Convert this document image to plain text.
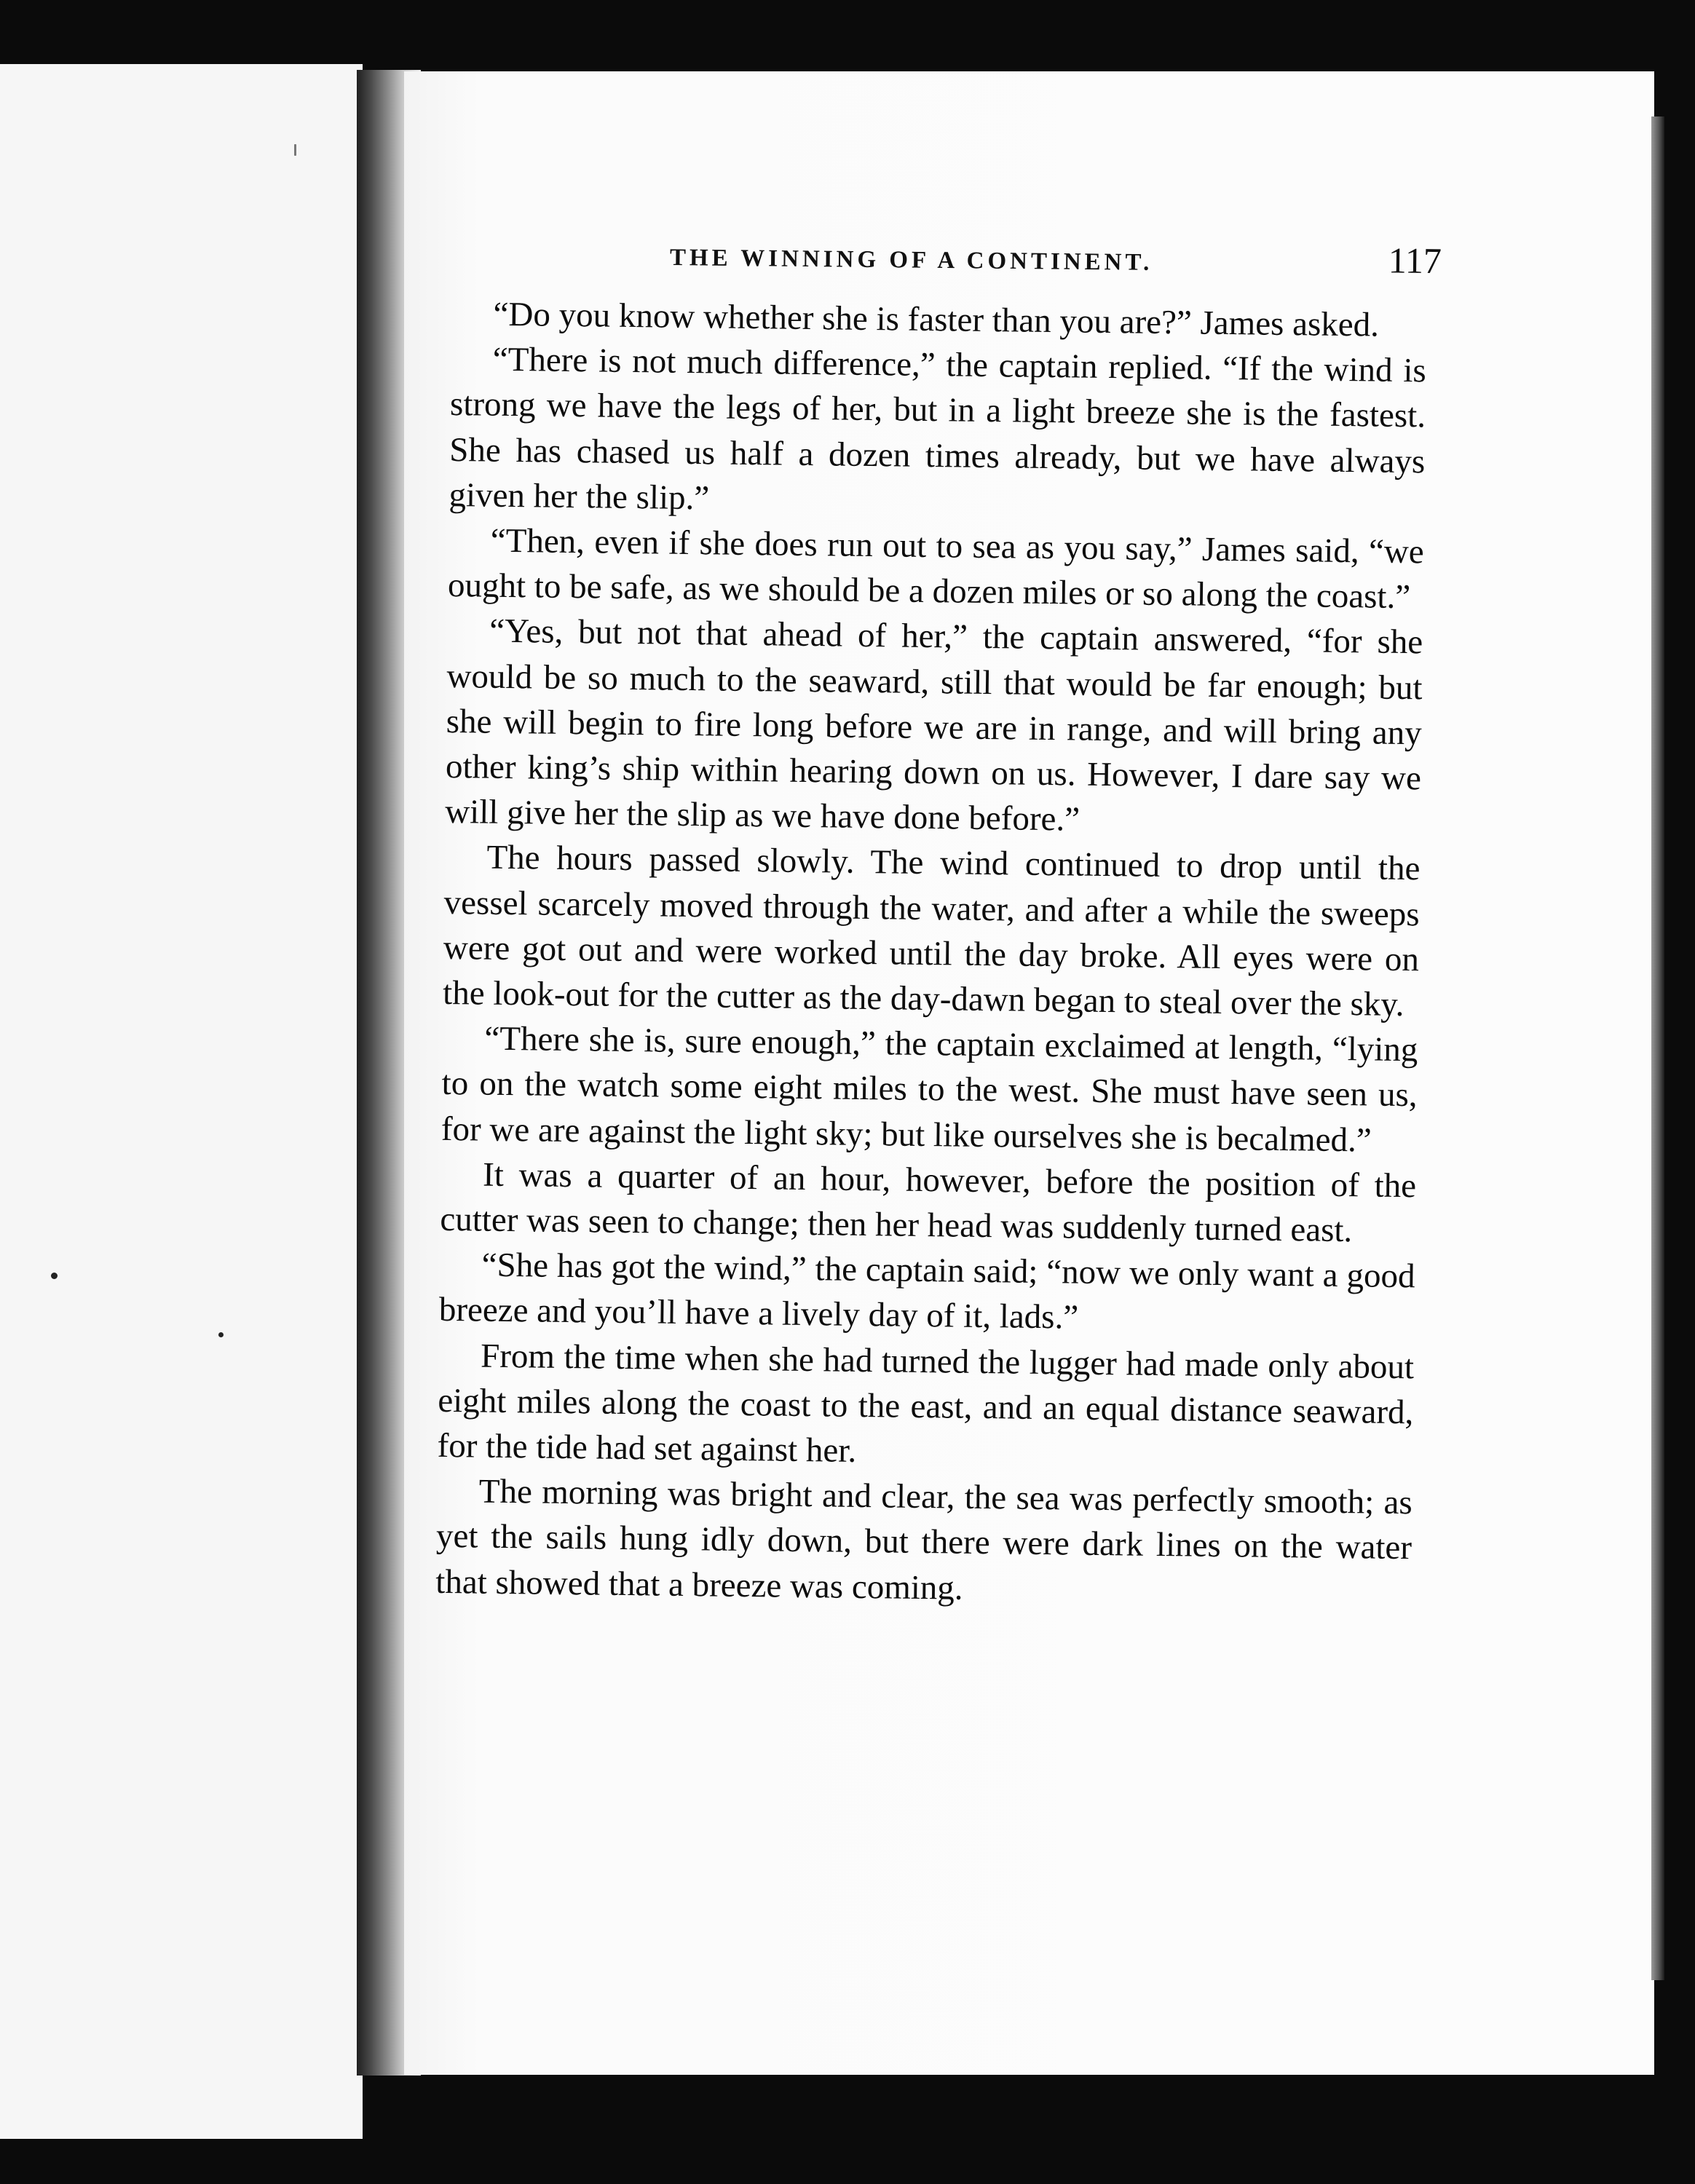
THE WINNING OF A CONTINENT.	117

“Do you know whether she is faster than you are?” James asked.

“There is not much difference,” the captain replied. “If the wind is strong we have the legs of her, but in a light breeze she is the fastest. She has chased us half a dozen times already, but we have always given her the slip.”

“Then, even if she does run out to sea as you say,” James said, “we ought to be safe, as we should be a dozen miles or so along the coast.”

“Yes, but not that ahead of her,” the captain answered, “for she would be so much to the seaward, still that would be far enough; but she will begin to fire long before we are in range, and will bring any other king’s ship within hearing down on us. However, I dare say we will give her the slip as we have done before.”

The hours passed slowly. The wind continued to drop until the vessel scarcely moved through the water, and after a while the sweeps were got out and were worked until the day broke. All eyes were on the look-out for the cutter as the day-dawn began to steal over the sky.

“There she is, sure enough,” the captain exclaimed at length, “lying to on the watch some eight miles to the west. She must have seen us, for we are against the light sky; but like ourselves she is becalmed.”

It was a quarter of an hour, however, before the position of the cutter was seen to change; then her head was suddenly turned east.

“She has got the wind,” the captain said; “now we only want a good breeze and you’ll have a lively day of it, lads.”

From the time when she had turned the lugger had made only about eight miles along the coast to the east, and an equal distance seaward, for the tide had set against her.

The morning was bright and clear, the sea was perfectly smooth; as yet the sails hung idly down, but there were dark lines on the water that showed that a breeze was coming.
